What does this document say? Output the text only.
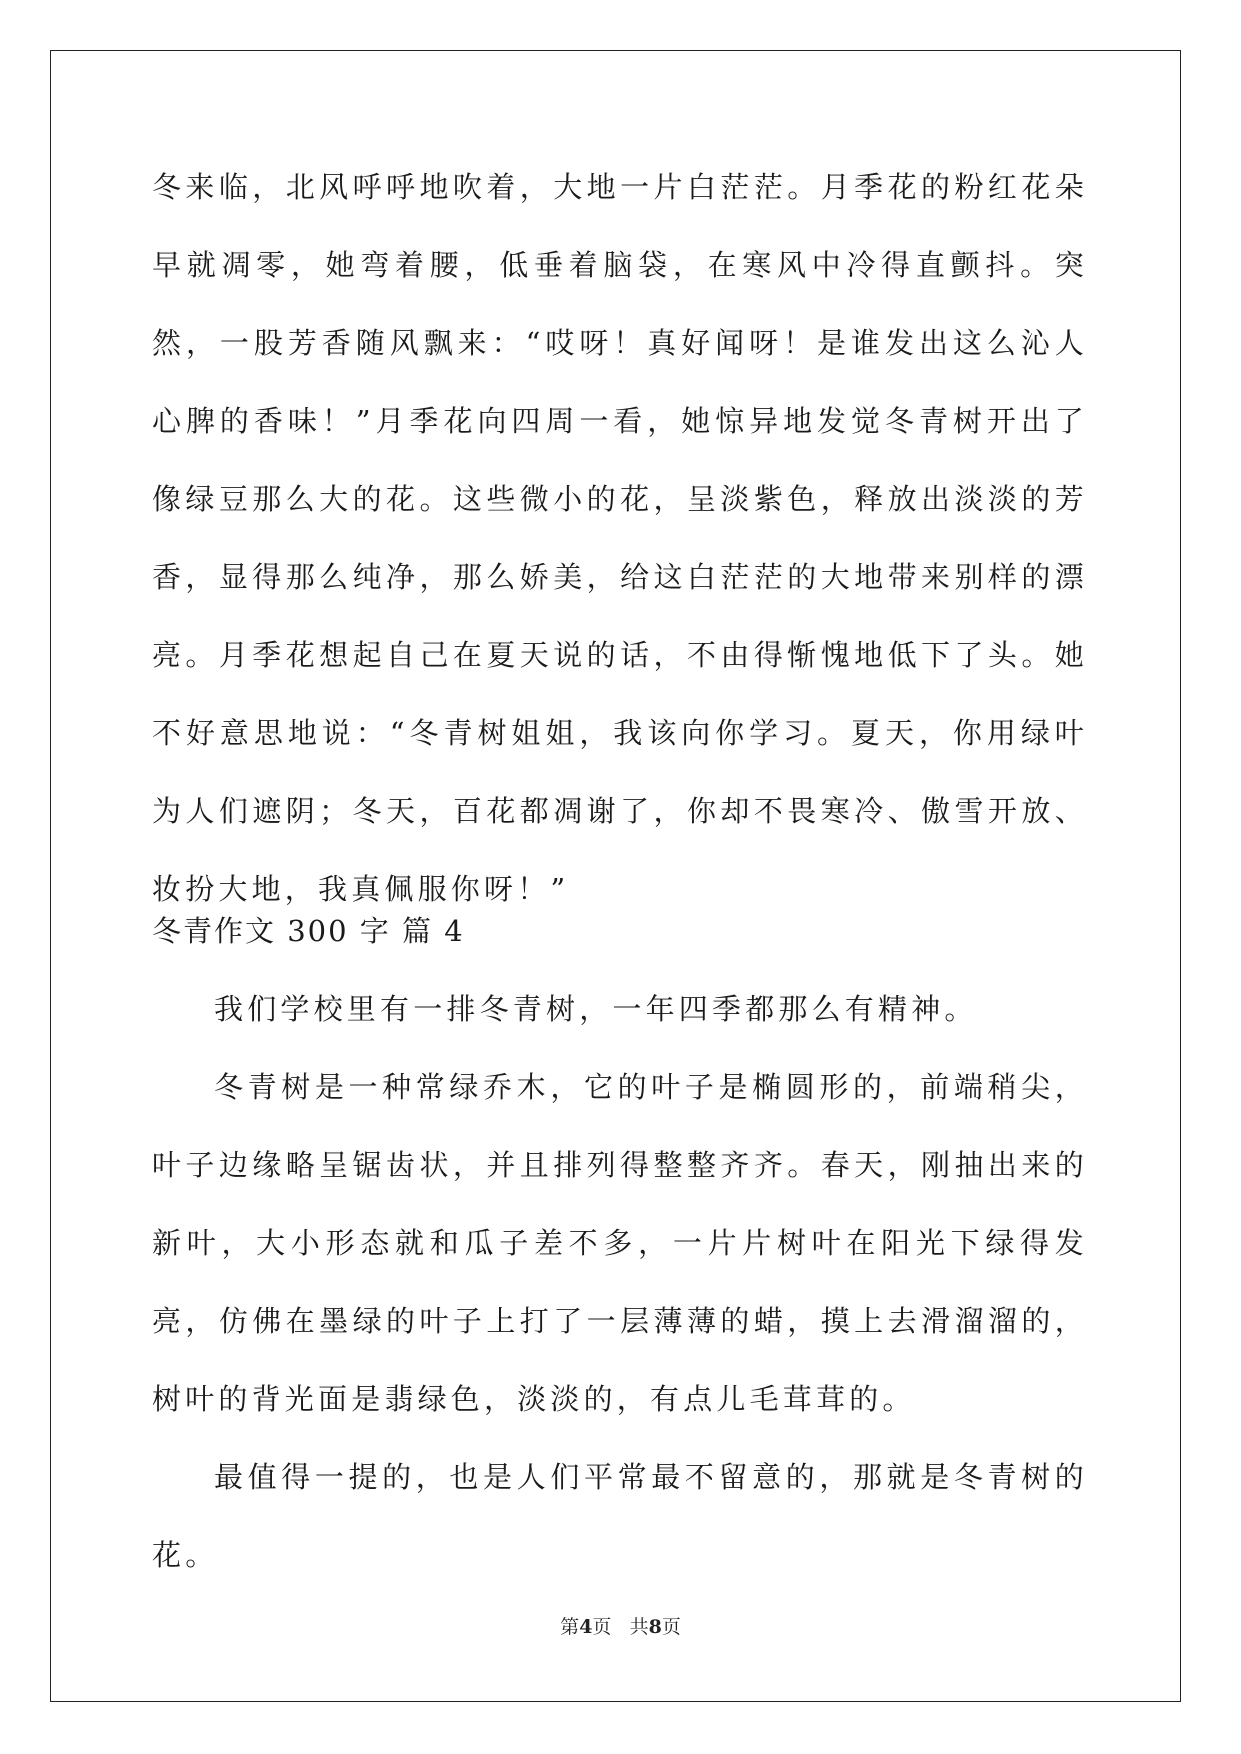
冬来临，北风呼呼地吹着，大地一片白茫茫。月季花的粉红花朵早就凋零，她弯着腰，低垂着脑袋，在寒风中冷得直颤抖。突然，一股芳香随风飘来：“哎呀！真好闻呀！是谁发出这么沁人心脾的香味！”月季花向四周一看，她惊异地发觉冬青树开出了像绿豆那么大的花。这些微小的花，呈淡紫色，释放出淡淡的芳香，显得那么纯净，那么娇美，给这白茫茫的大地带来别样的漂亮。月季花想起自己在夏天说的话，不由得惭愧地低下了头。她不好意思地说：“冬青树姐姐，我该向你学习。夏天，你用绿叶为人们遮阴；冬天，百花都凋谢了，你却不畏寒冷、傲雪开放、妆扮大地，我真佩服你呀！”
冬青作文 300 字 篇 4
我们学校里有一排冬青树，一年四季都那么有精神。
冬青树是一种常绿乔木，它的叶子是椭圆形的，前端稍尖，叶子边缘略呈锯齿状，并且排列得整整齐齐。春天，刚抽出来的新叶，大小形态就和瓜子差不多，一片片树叶在阳光下绿得发亮，仿佛在墨绿的叶子上打了一层薄薄的蜡，摸上去滑溜溜的，树叶的背光面是翡绿色，淡淡的，有点儿毛茸茸的。
最值得一提的，也是人们平常最不留意的，那就是冬青树的花。
第4页 共8页
